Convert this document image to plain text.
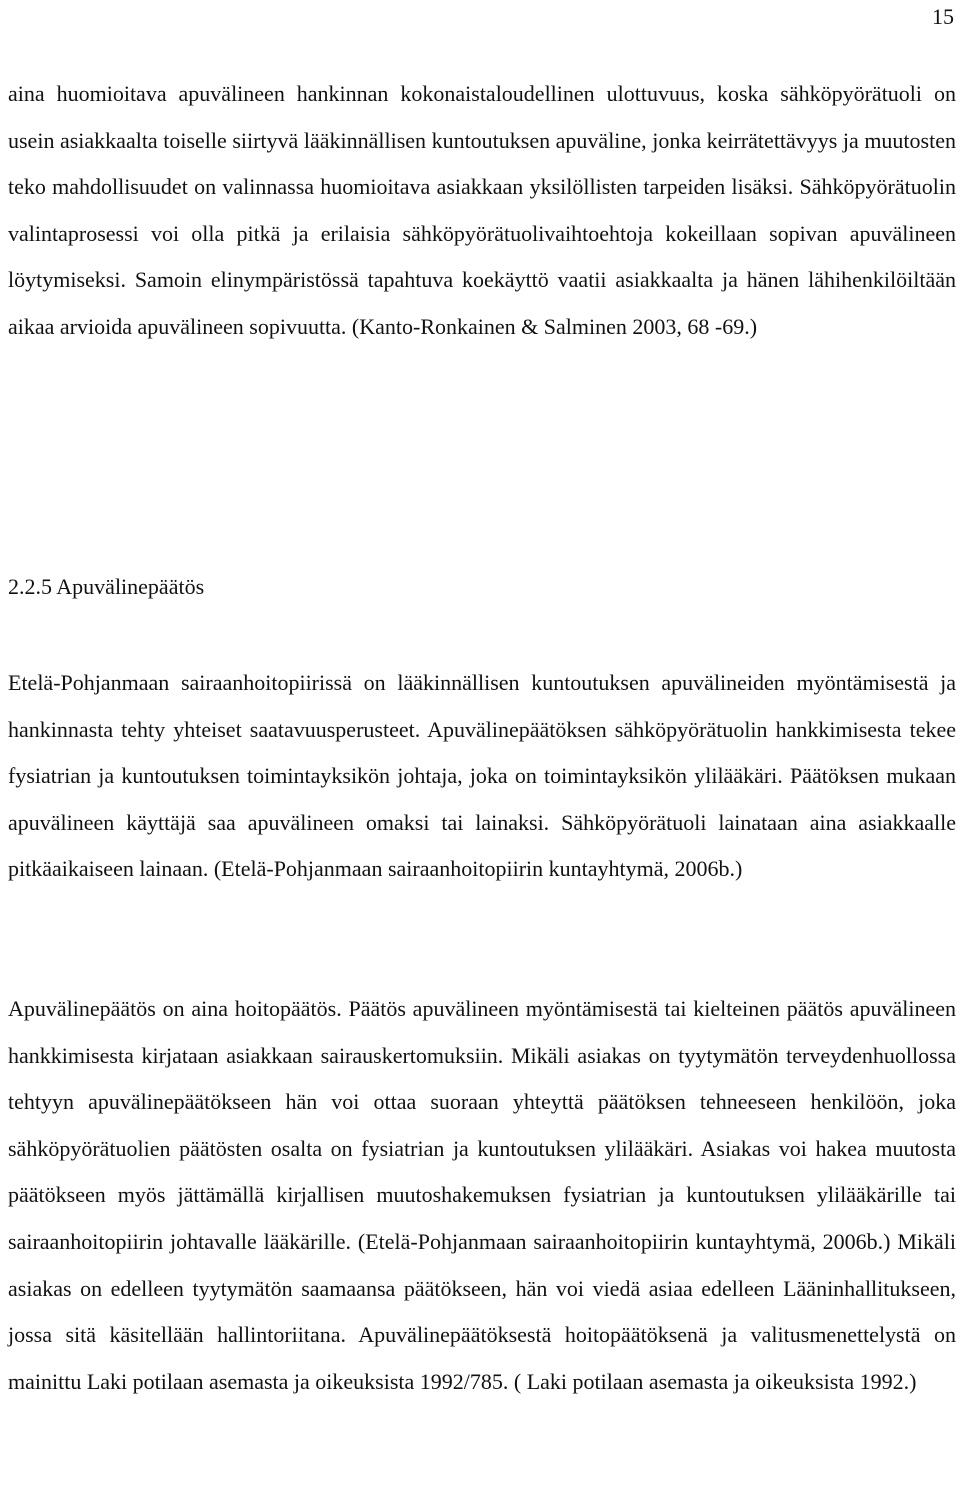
15

aina huomioitava apuvälineen hankinnan kokonaistaloudellinen ulottuvuus, koska sähköpyörätuoli on usein asiakkaalta toiselle siirtyvä lääkinnällisen kuntoutuksen apuväline, jonka keirrätettävyys ja muutosten teko mahdollisuudet on valinnassa huomioitava asiakkaan yksilöllisten tarpeiden lisäksi. Sähköpyörätuolin valintaprosessi voi olla pitkä ja erilaisia sähköpyörätuolivaihtoehtoja kokeillaan sopivan apuvälineen löytymiseksi. Samoin elinympäristössä tapahtuva koekäyttö vaatii asiakkaalta ja hänen lähihenkilöiltään aikaa arvioida apuvälineen sopivuutta. (Kanto-Ronkainen & Salminen 2003, 68 -69.)

2.2.5 Apuvälinepäätös

Etelä-Pohjanmaan sairaanhoitopiirissä on lääkinnällisen kuntoutuksen apuvälineiden myöntämisestä ja hankinnasta tehty yhteiset saatavuusperusteet. Apuvälinepäätöksen sähköpyörätuolin hankkimisesta tekee fysiatrian ja kuntoutuksen toimintayksikön johtaja, joka on toimintayksikön ylilääkäri. Päätöksen mukaan apuvälineen käyttäjä saa apuvälineen omaksi tai lainaksi. Sähköpyörätuoli lainataan aina asiakkaalle pitkäaikaiseen lainaan. (Etelä-Pohjanmaan sairaanhoitopiirin kuntayhtymä, 2006b.)

Apuvälinepäätös on aina hoitopäätös. Päätös apuvälineen myöntämisestä tai kielteinen päätös apuvälineen hankkimisesta kirjataan asiakkaan sairauskertomuksiin. Mikäli asiakas on tyytymätön terveydenhuollossa tehtyyn apuvälinepäätökseen hän voi ottaa suoraan yhteyttä päätöksen tehneeseen henkilöön, joka sähköpyörätuolien päätösten osalta on fysiatrian ja kuntoutuksen ylilääkäri. Asiakas voi hakea muutosta päätökseen myös jättämällä kirjallisen muutoshakemuksen fysiatrian ja kuntoutuksen ylilääkärille tai sairaanhoitopiirin johtavalle lääkärille. (Etelä-Pohjanmaan sairaanhoitopiirin kuntayhtymä, 2006b.) Mikäli asiakas on edelleen tyytymätön saamaansa päätökseen, hän voi viedä asiaa edelleen Lääninhallitukseen, jossa sitä käsitellään hallintoriitana. Apuvälinepäätöksestä hoitopäätöksenä ja valitusmenettelystä on mainittu Laki potilaan asemasta ja oikeuksista 1992/785. ( Laki potilaan asemasta ja oikeuksista 1992.)
